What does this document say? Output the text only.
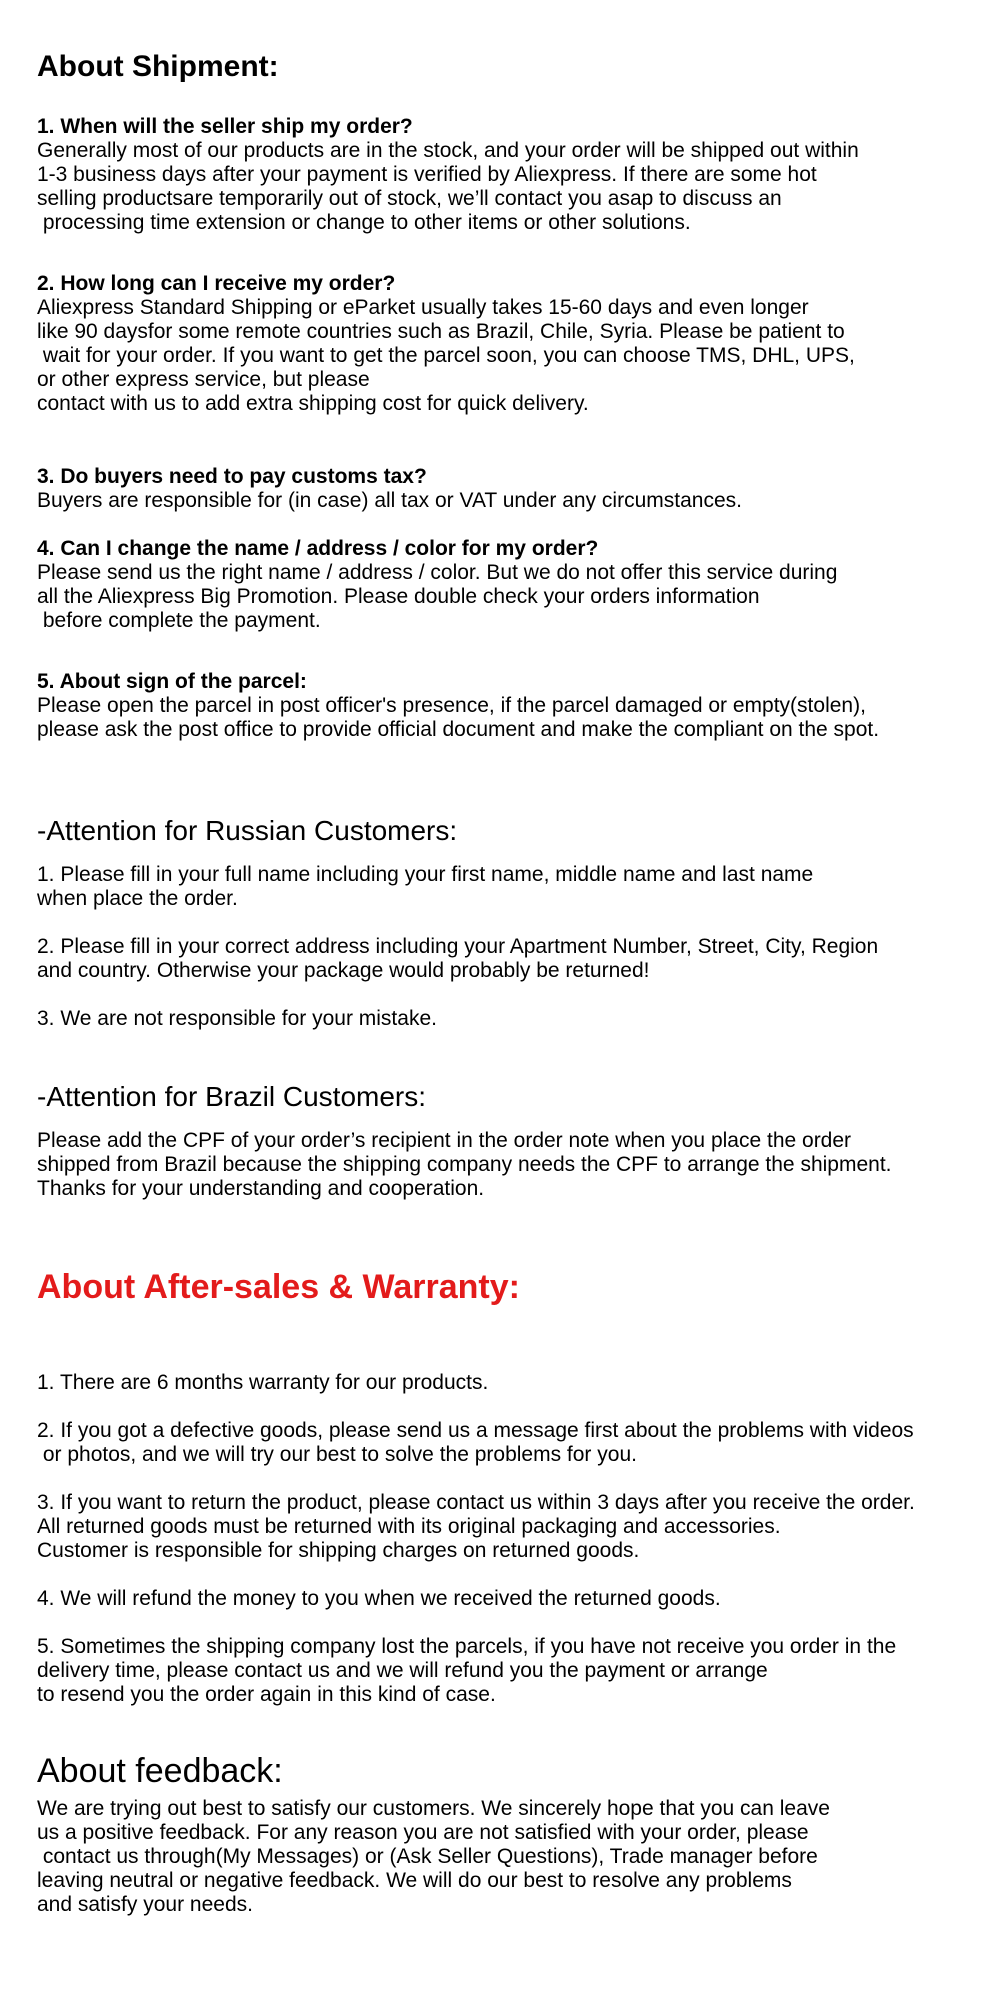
About Shipment:
1. When will the seller ship my order?
Generally most of our products are in the stock, and your order will be shipped out within
1-3 business days after your payment is verified by Aliexpress. If there are some hot
selling productsare temporarily out of stock, we’ll contact you asap to discuss an
processing time extension or change to other items or other solutions.
2. How long can I receive my order?
Aliexpress Standard Shipping or eParket usually takes 15-60 days and even longer
like 90 daysfor some remote countries such as Brazil, Chile, Syria. Please be patient to
wait for your order. If you want to get the parcel soon, you can choose TMS, DHL, UPS,
or other express service, but please
contact with us to add extra shipping cost for quick delivery.
3. Do buyers need to pay customs tax?
Buyers are responsible for (in case) all tax or VAT under any circumstances.
4. Can I change the name / address / color for my order?
Please send us the right name / address / color. But we do not offer this service during
all the Aliexpress Big Promotion. Please double check your orders information
before complete the payment.
5. About sign of the parcel:
Please open the parcel in post officer's presence, if the parcel damaged or empty(stolen),
please ask the post office to provide official document and make the compliant on the spot.
-Attention for Russian Customers:
1. Please fill in your full name including your first name, middle name and last name
when place the order.
2. Please fill in your correct address including your Apartment Number, Street, City, Region
and country. Otherwise your package would probably be returned!
3. We are not responsible for your mistake.
-Attention for Brazil Customers:
Please add the CPF of your order’s recipient in the order note when you place the order
shipped from Brazil because the shipping company needs the CPF to arrange the shipment.
Thanks for your understanding and cooperation.
About After-sales & Warranty:
1. There are 6 months warranty for our products.
2. If you got a defective goods, please send us a message first about the problems with videos
or photos, and we will try our best to solve the problems for you.
3. If you want to return the product, please contact us within 3 days after you receive the order.
All returned goods must be returned with its original packaging and accessories.
Customer is responsible for shipping charges on returned goods.
4. We will refund the money to you when we received the returned goods.
5. Sometimes the shipping company lost the parcels, if you have not receive you order in the
delivery time, please contact us and we will refund you the payment or arrange
to resend you the order again in this kind of case.
About feedback:
We are trying out best to satisfy our customers. We sincerely hope that you can leave
us a positive feedback. For any reason you are not satisfied with your order, please
contact us through(My Messages) or (Ask Seller Questions), Trade manager before
leaving neutral or negative feedback. We will do our best to resolve any problems
and satisfy your needs.
